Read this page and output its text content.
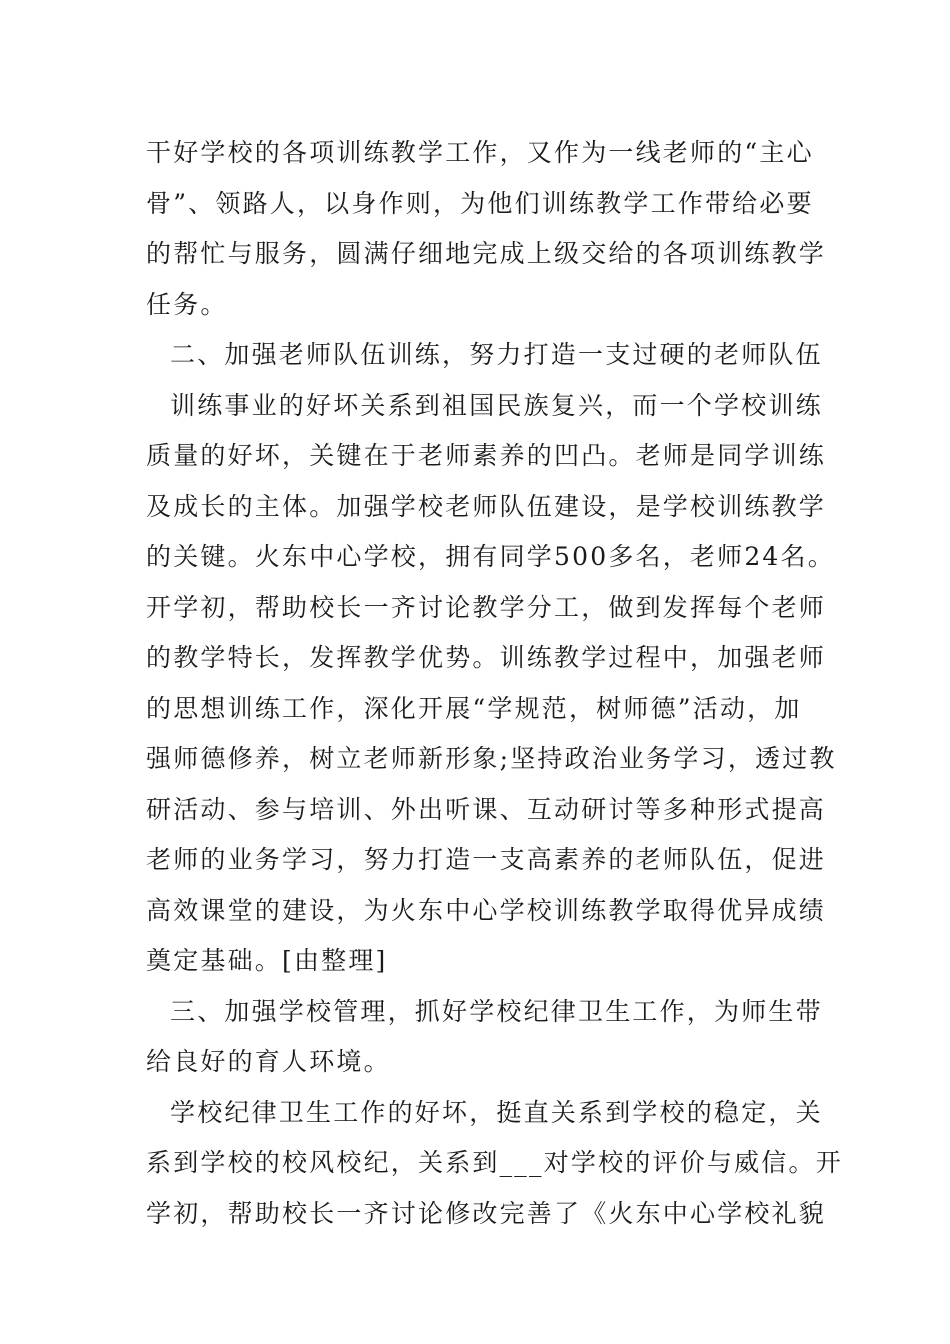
干好学校的各项训练教学工作，又作为一线老师的“主心
骨”、领路人，以身作则，为他们训练教学工作带给必要
的帮忙与服务，圆满仔细地完成上级交给的各项训练教学
任务。
二、加强老师队伍训练，努力打造一支过硬的老师队伍
训练事业的好坏关系到祖国民族复兴，而一个学校训练
质量的好坏，关键在于老师素养的凹凸。老师是同学训练
及成长的主体。加强学校老师队伍建设，是学校训练教学
的关键。火东中心学校，拥有同学500多名，老师24名。
开学初，帮助校长一齐讨论教学分工，做到发挥每个老师
的教学特长，发挥教学优势。训练教学过程中，加强老师
的思想训练工作，深化开展“学规范，树师德”活动，加
强师德修养，树立老师新形象;坚持政治业务学习，透过教
研活动、参与培训、外出听课、互动研讨等多种形式提高
老师的业务学习，努力打造一支高素养的老师队伍，促进
高效课堂的建设，为火东中心学校训练教学取得优异成绩
奠定基础。[由整理]
三、加强学校管理，抓好学校纪律卫生工作，为师生带
给良好的育人环境。
学校纪律卫生工作的好坏，挺直关系到学校的稳定，关
系到学校的校风校纪，关系到___对学校的评价与威信。开
学初，帮助校长一齐讨论修改完善了《火东中心学校礼貌
